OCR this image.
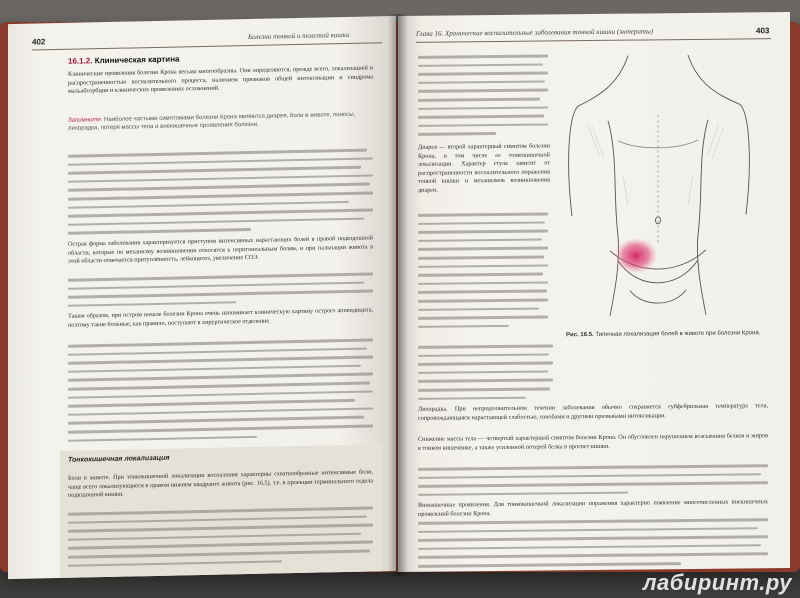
402
Болезни тонкой и толстой кишки
16.1.2. Клиническая картина
Клинические проявления болезни Крона весьма многообразны. Они определяются, прежде всего, локализацией и распространенностью воспалительного процесса, наличием признаков общей интоксикации и синдрома мальабсорбции и клинических проявлениях осложнений.
Запомните: Наиболее частыми симптомами болезни Крона являются диарея, боли в животе, поносы, лихорадка, потеря массы тела и внекишечные проявления болезни.
Острая форма заболевания характеризуется приступом интенсивных нарастающих болей в правой подвздошной области, которые по механизму возникновения относятся к перитонеальным болям, и при пальпации живота в этой области отмечается притуплённость, лейкоцитоз, увеличение СОЭ.
Таким образом, при остром начале болезни Крона очень напоминает клиническую картину острого аппендицита, поэтому такие больные, как правило, поступают в хирургическое отделение.
Тонкокишечная локализация
Боли в животе. При тонкокишечной локализации воспаления характерны схваткообразные интенсивные боли, чаще всего локализующиеся в правом нижнем квадранте живота (рис. 16.5), т.е. в проекции терминального отдела подвздошной кишки.
Глава 16. Хронические воспалительные заболевания тонкой кишки (энтериты)	403
Диарея — второй характерный симптом болезни Крона, в том числе ее тонкокишечной локализации. Характер стула зависит от распространенности воспалительного поражения тонкой кишки и механизмов возникновения диареи.
Рис. 16.5. Типичная локализация болей в животе при болезни Крона.
Лихорадка. При непродолжительном течении заболевания обычно сохраняется субфебрильная температура тела, сопровождающаяся нарастающей слабостью, ознобами и другими признаками интоксикации.
Снижение массы тела — четвертый характерный симптом болезни Крона. Он обусловлен нарушением всасывания белков и жиров в тонком кишечнике, а также усиленной потерей белка в просвет кишки.
Внекишечные проявления. Для тонкокишечной локализации поражения характерно появление многочисленных внекишечных проявлений болезни Крона.
лабиринт.ру
